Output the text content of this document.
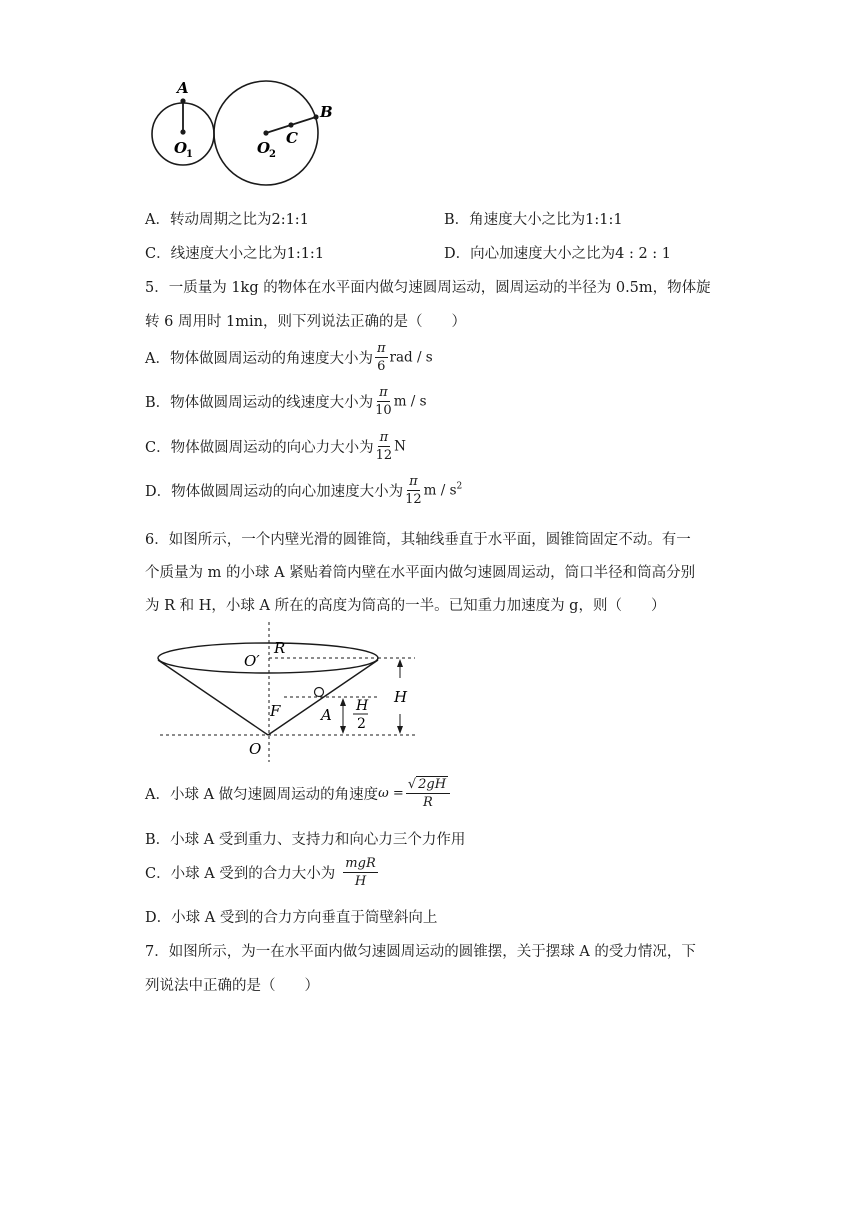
A
B
C
O
1	O
2
A．转动周期之比为2:1:1	B．角速度大小之比为1:1:1
C．线速度大小之比为1:1:1	D．向心加速度大小之比为4 : 2 : 1
5．一质量为 1kg 的物体在水平面内做匀速圆周运动，圆周运动的半径为 0.5m，物体旋
转 6 周用时 1min，则下列说法正确的是（　　）
A．物体做圆周运动的角速度大小为 $\frac{\pi}{6}$ rad / s
B．物体做圆周运动的线速度大小为 $\frac{\pi}{10}$ m / s
C．物体做圆周运动的向心力大小为 $\frac{\pi}{12}$ N
D．物体做圆周运动的向心加速度大小为 $\frac{\pi}{12}$ m / $s^2$
6．如图所示，一个内壁光滑的圆锥筒，其轴线垂直于水平面，圆锥筒固定不动。有一
个质量为 m 的小球 A 紧贴着筒内壁在水平面内做匀速圆周运动，筒口半径和筒高分别
为 R 和 H，小球 A 所在的高度为筒高的一半。已知重力加速度为 g，则（　　）
O′
R
H
A
F
O
H
2
A．小球 A 做匀速圆周运动的角速度$\omega = \frac{√ 2gH}{R}$
B．小球 A 受到重力、支持力和向心力三个力作用
C．小球 A 受到的合力大小为 $\frac{\text{mgR}}{H}$
D．小球 A 受到的合力方向垂直于筒壁斜向上
7．如图所示，为一在水平面内做匀速圆周运动的圆锥摆，关于摆球 A 的受力情况，下
列说法中正确的是（　　）
